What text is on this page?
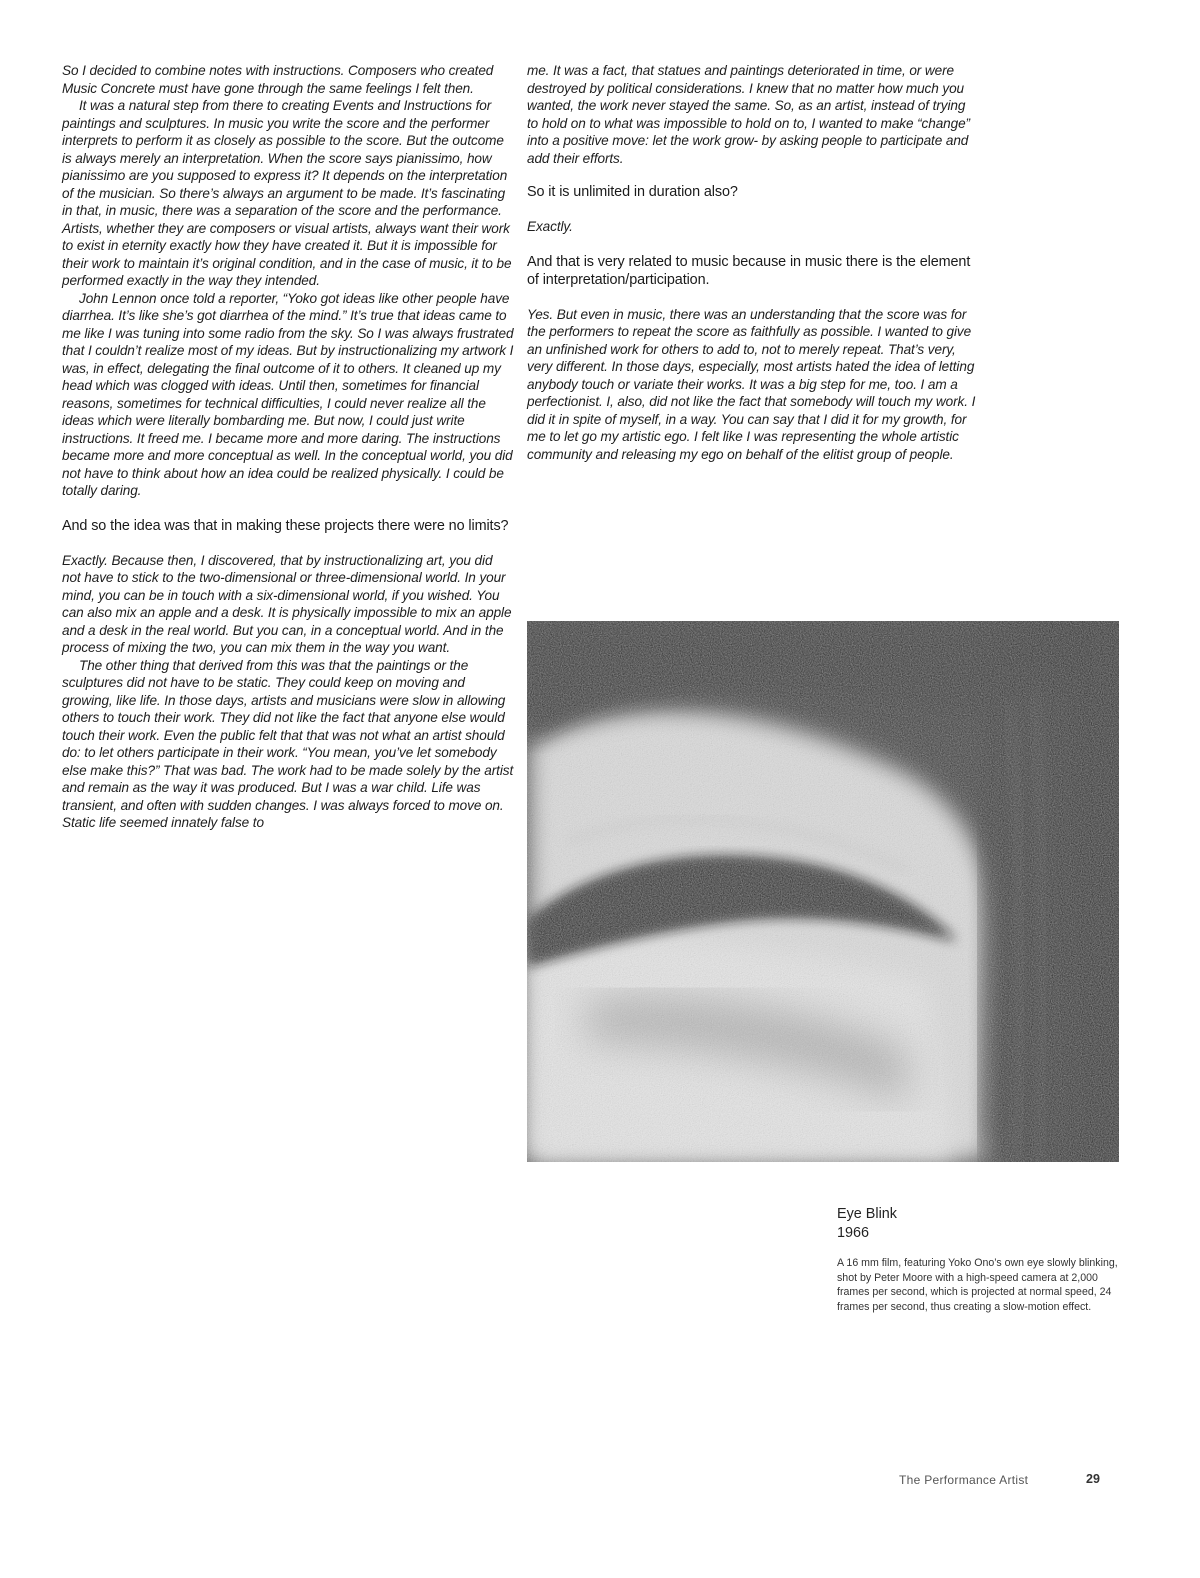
So I decided to combine notes with instructions. Composers who created Music Concrete must have gone through the same feelings I felt then.

It was a natural step from there to creating Events and Instructions for paintings and sculptures. In music you write the score and the performer interprets to perform it as closely as possible to the score. But the outcome is always merely an interpretation. When the score says pianissimo, how pianissimo are you supposed to express it? It depends on the interpretation of the musician. So there’s always an argument to be made. It’s fascinating in that, in music, there was a separation of the score and the performance. Artists, whether they are composers or visual artists, always want their work to exist in eternity exactly how they have created it. But it is impossible for their work to maintain it’s original condition, and in the case of music, it to be performed exactly in the way they intended.

John Lennon once told a reporter, “Yoko got ideas like other people have diarrhea. It’s like she’s got diarrhea of the mind.” It’s true that ideas came to me like I was tuning into some radio from the sky. So I was always frustrated that I couldn’t realize most of my ideas. But by instructionalizing my artwork I was, in effect, delegating the final outcome of it to others. It cleaned up my head which was clogged with ideas. Until then, sometimes for financial reasons, sometimes for technical difficulties, I could never realize all the ideas which were literally bombarding me. But now, I could just write instructions. It freed me. I became more and more daring. The instructions became more and more conceptual as well. In the conceptual world, you did not have to think about how an idea could be realized physically. I could be totally daring.

And so the idea was that in making these projects there were no limits?

Exactly. Because then, I discovered, that by instructionalizing art, you did not have to stick to the two-dimensional or three-dimensional world. In your mind, you can be in touch with a six-dimensional world, if you wished. You can also mix an apple and a desk. It is physically impossible to mix an apple and a desk in the real world. But you can, in a conceptual world. And in the process of mixing the two, you can mix them in the way you want.

The other thing that derived from this was that the paintings or the sculptures did not have to be static. They could keep on moving and growing, like life. In those days, artists and musicians were slow in allowing others to touch their work. They did not like the fact that anyone else would touch their work. Even the public felt that that was not what an artist should do: to let others participate in their work. “You mean, you’ve let somebody else make this?” That was bad. The work had to be made solely by the artist and remain as the way it was produced. But I was a war child. Life was transient, and often with sudden changes. I was always forced to move on. Static life seemed innately false to

me. It was a fact, that statues and paintings deteriorated in time, or were destroyed by political considerations. I knew that no matter how much you wanted, the work never stayed the same. So, as an artist, instead of trying to hold on to what was impossible to hold on to, I wanted to make “change” into a positive move: let the work grow- by asking people to participate and add their efforts.

So it is unlimited in duration also?

Exactly.

And that is very related to music because in music there is the element of interpretation/participation.

Yes. But even in music, there was an understanding that the score was for the performers to repeat the score as faithfully as possible. I wanted to give an unfinished work for others to add to, not to merely repeat. That’s very, very different. In those days, especially, most artists hated the idea of letting anybody touch or variate their works. It was a big step for me, too. I am a perfectionist. I, also, did not like the fact that somebody will touch my work. I did it in spite of myself, in a way. You can say that I did it for my growth, for me to let go my artistic ego. I felt like I was representing the whole artistic community and releasing my ego on behalf of the elitist group of people.

Eye Blink
1966
A 16 mm film, featuring Yoko Ono’s own eye slowly blinking, shot by Peter Moore with a high-speed camera at 2,000 frames per second, which is projected at normal speed, 24 frames per second, thus creating a slow-motion effect.
The Performance Artist	29
